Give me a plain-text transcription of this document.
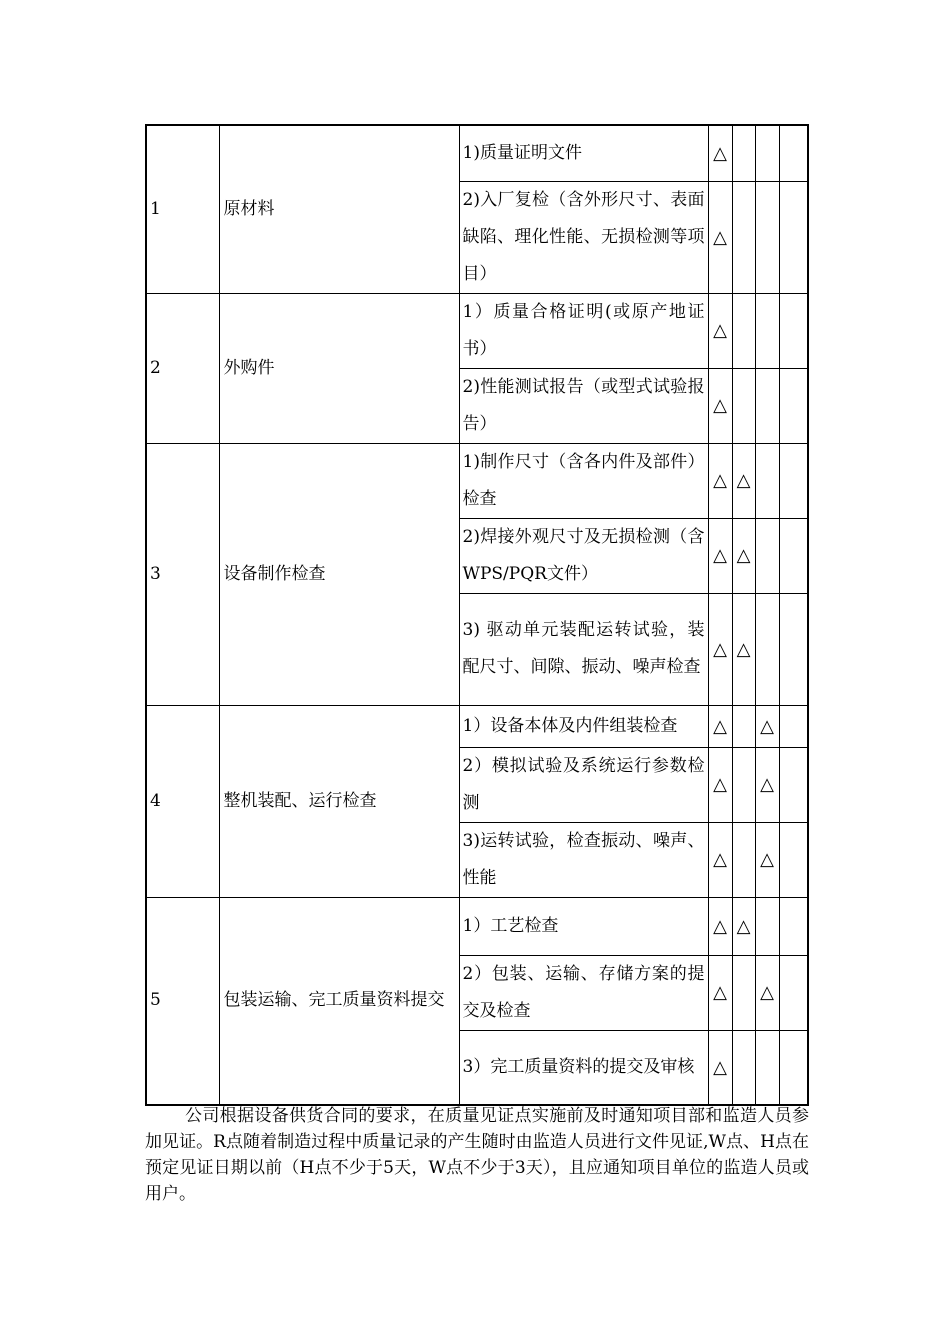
1	原材料	1)质量证明文件	△			
		2)入厂复检（含外形尺寸、表面缺陷、理化性能、无损检测等项目）	△			
2	外购件	1）质量合格证明(或原产地证书）	△			
		2)性能测试报告（或型式试验报告）	△			
3	设备制作检查	1)制作尺寸（含各内件及部件）检查	△	△		
		2)焊接外观尺寸及无损检测（含WPS/PQR文件）	△	△		
		3) 驱动单元装配运转试验，装配尺寸、间隙、振动、噪声检查	△	△		
4	整机装配、运行检查	1）设备本体及内件组装检查	△		△	
		2）模拟试验及系统运行参数检测	△		△	
		3)运转试验，检查振动、噪声、性能	△		△	
5	包装运输、完工质量资料提交	1）工艺检查	△	△		
		2）包装、运输、存储方案的提交及检查	△		△	
		3）完工质量资料的提交及审核	△			

公司根据设备供货合同的要求，在质量见证点实施前及时通知项目部和监造人员参加见证。R点随着制造过程中质量记录的产生随时由监造人员进行文件见证,W点、H点在预定见证日期以前（H点不少于5天，W点不少于3天），且应通知项目单位的监造人员或用户。
